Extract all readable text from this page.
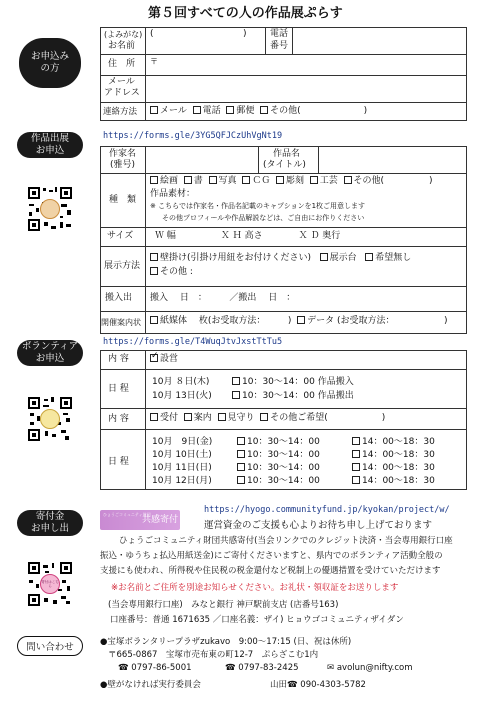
第５回すべての人の作品展ぷらす
お申込み
の方
(よみがな)
お名前
(	)	電話
番号
住　所 〒
メール
アドレス
連絡方法	メール 電話 郵便 その他(　　　　　　　)
作品出展
お申込
https://forms.gle/3YG5QFJCzUhVgNt19
作家名
(雅号)
作品名
(タイトル)
種　類
絵画 書 写真 ＣＧ 彫刻 工芸 その他(　　　　　)
作品素材：
※ こちらでは作家名・作品名記載のキャプションを1枚ご用意します
その他プロフィールや作品解説などは、ご自由にお作りください
サイズ Ｗ 幅　　　　　Ｘ Ｈ 高さ　　　　Ｘ Ｄ 奥行
展示方法
壁掛け(引掛け用紐をお付けください) 展示台 希望無し
その他 :
搬入出 搬入　 日　：　　　／搬出　 日　：
開催案内状	紙媒体　 枚(お受取方法：　　　) データ (お受取方法：　　　　　　)
ボランティア
お申込
https://forms.gle/T4WuqJtvJxstTtTu5
内 容 ✓ 設営
日 程
10月 ８日(木)	10：30～14：00 作品搬入
10月 13日(火)	10：30～14：00 作品搬出
内 容	受付 案内 見守り その他ご希望(　　　　　　)
日 程
10月　9日(金)	10：30～14：00	14：00～18：30
10月 10日(土)	10：30～14：00	14：00～18：30
10月 11日(日)	10：30～14：00	14：00～18：30
10月 12日(月)	10：30～14：00	14：00～18：30
寄付金
お申し出
ひょうごコミュニティ財団
共感寄付
https://hyogo.communityfund.jp/kyokan/project/w/
運営資金のご支援も心よりお待ち申し上げております
ひょうごコミュニティ財団共感寄付(当会リンクでのクレジット決済・当会専用銀行口座
振込・ゆうちょ払込用紙送金)にご寄付くださいますと、県内でのボランティア活動全般の
支援にも使われ、所得税や住民税の税金還付など税制上の優遇措置を受けていただけます
※お名前とご住所を別途お知らせください。お礼状・領収証をお送りします
(当会専用銀行口座)　みなと銀行 神戸駅前支店 (店番号163)
口座番号：普通 1671635 ／口座名義：ザイ) ヒョウゴコミュニティザイダン
寄付はこちら
問い合わせ	●宝塚ボランタリープラザzukavo　9:00～17:15 (日、祝は休所)
〒665-0867　宝塚市売布東の町12-7　ぷらざこむ1内
☎ 0797-86-5001	☎ 0797-83-2425	✉ avolun@nifty.com
●壁がなければ実行委員会	山田☎ 090-4303-5782
